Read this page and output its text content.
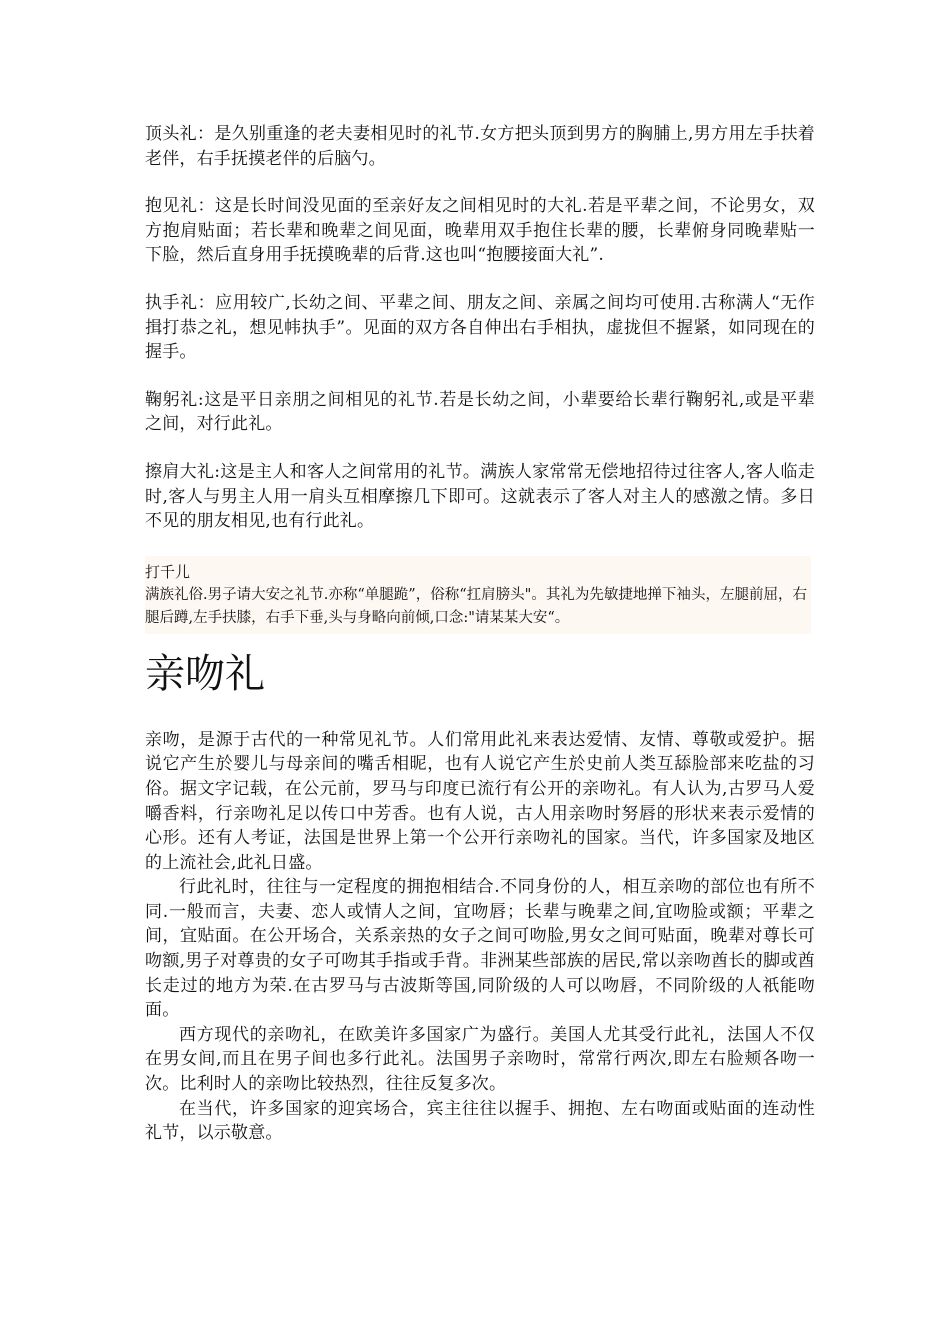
顶头礼：是久别重逢的老夫妻相见时的礼节.女方把头顶到男方的胸脯上,男方用左手扶着老伴，右手抚摸老伴的后脑勺。

抱见礼：这是长时间没见面的至亲好友之间相见时的大礼.若是平辈之间，不论男女，双方抱肩贴面；若长辈和晚辈之间见面，晚辈用双手抱住长辈的腰，长辈俯身同晚辈贴一下脸，然后直身用手抚摸晚辈的后背.这也叫“抱腰接面大礼”.

执手礼：应用较广,长幼之间、平辈之间、朋友之间、亲属之间均可使用.古称满人“无作揖打恭之礼，想见帏执手”。见面的双方各自伸出右手相执，虚拢但不握紧，如同现在的握手。

鞠躬礼:这是平日亲朋之间相见的礼节.若是长幼之间，小辈要给长辈行鞠躬礼,或是平辈之间，对行此礼。

擦肩大礼:这是主人和客人之间常用的礼节。满族人家常常无偿地招待过往客人,客人临走时,客人与男主人用一肩头互相摩擦几下即可。这就表示了客人对主人的感激之情。多日不见的朋友相见,也有行此礼。

打千儿

满族礼俗.男子请大安之礼节.亦称“单腿跪”，俗称“扛肩膀头"。其礼为先敏捷地掸下袖头，左腿前屈，右腿后蹲,左手扶膝，右手下垂,头与身略向前倾,口念:"请某某大安“。

亲吻礼

亲吻，是源于古代的一种常见礼节。人们常用此礼来表达爱情、友情、尊敬或爱护。据说它产生於婴儿与母亲间的嘴舌相昵，也有人说它产生於史前人类互舔脸部来吃盐的习俗。据文字记载，在公元前，罗马与印度已流行有公开的亲吻礼。有人认为,古罗马人爱嚼香料，行亲吻礼足以传口中芳香。也有人说，古人用亲吻时努唇的形状来表示爱情的心形。还有人考证，法国是世界上第一个公开行亲吻礼的国家。当代，许多国家及地区的上流社会,此礼日盛。

行此礼时，往往与一定程度的拥抱相结合.不同身份的人，相互亲吻的部位也有所不同.一般而言，夫妻、恋人或情人之间，宜吻唇；长辈与晚辈之间,宜吻脸或额；平辈之间，宜贴面。在公开场合，关系亲热的女子之间可吻脸,男女之间可贴面，晚辈对尊长可吻额,男子对尊贵的女子可吻其手指或手背。非洲某些部族的居民,常以亲吻酋长的脚或酋长走过的地方为荣.在古罗马与古波斯等国,同阶级的人可以吻唇，不同阶级的人祇能吻面。

西方现代的亲吻礼，在欧美许多国家广为盛行。美国人尤其受行此礼，法国人不仅在男女间,而且在男子间也多行此礼。法国男子亲吻时，常常行两次,即左右脸颊各吻一次。比利时人的亲吻比较热烈，往往反复多次。

在当代，许多国家的迎宾场合，宾主往往以握手、拥抱、左右吻面或贴面的连动性礼节，以示敬意。
